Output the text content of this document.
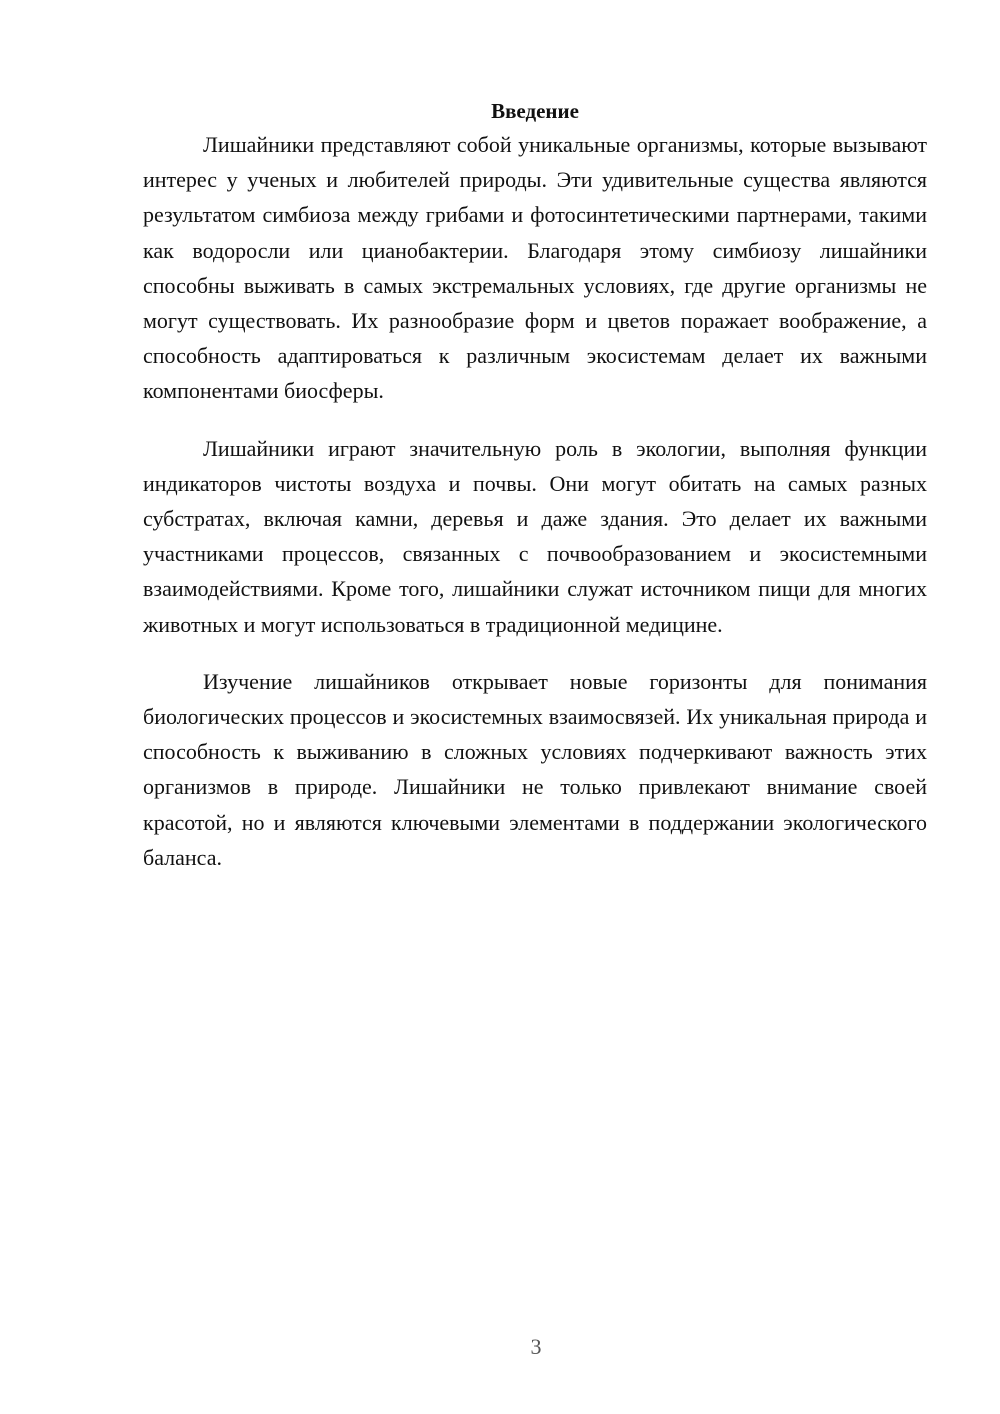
Введение

Лишайники представляют собой уникальные организмы, которые вызывают интерес у ученых и любителей природы. Эти удивительные существа являются результатом симбиоза между грибами и фотосинтетическими партнерами, такими как водоросли или цианобактерии. Благодаря этому симбиозу лишайники способны выживать в самых экстремальных условиях, где другие организмы не могут существовать. Их разнообразие форм и цветов поражает воображение, а способность адаптироваться к различным экосистемам делает их важными компонентами биосферы.

Лишайники играют значительную роль в экологии, выполняя функции индикаторов чистоты воздуха и почвы. Они могут обитать на самых разных субстратах, включая камни, деревья и даже здания. Это делает их важными участниками процессов, связанных с почвообразованием и экосистемными взаимодействиями. Кроме того, лишайники служат источником пищи для многих животных и могут использоваться в традиционной медицине.

Изучение лишайников открывает новые горизонты для понимания биологических процессов и экосистемных взаимосвязей. Их уникальная природа и способность к выживанию в сложных условиях подчеркивают важность этих организмов в природе. Лишайники не только привлекают внимание своей красотой, но и являются ключевыми элементами в поддержании экологического баланса.

3
